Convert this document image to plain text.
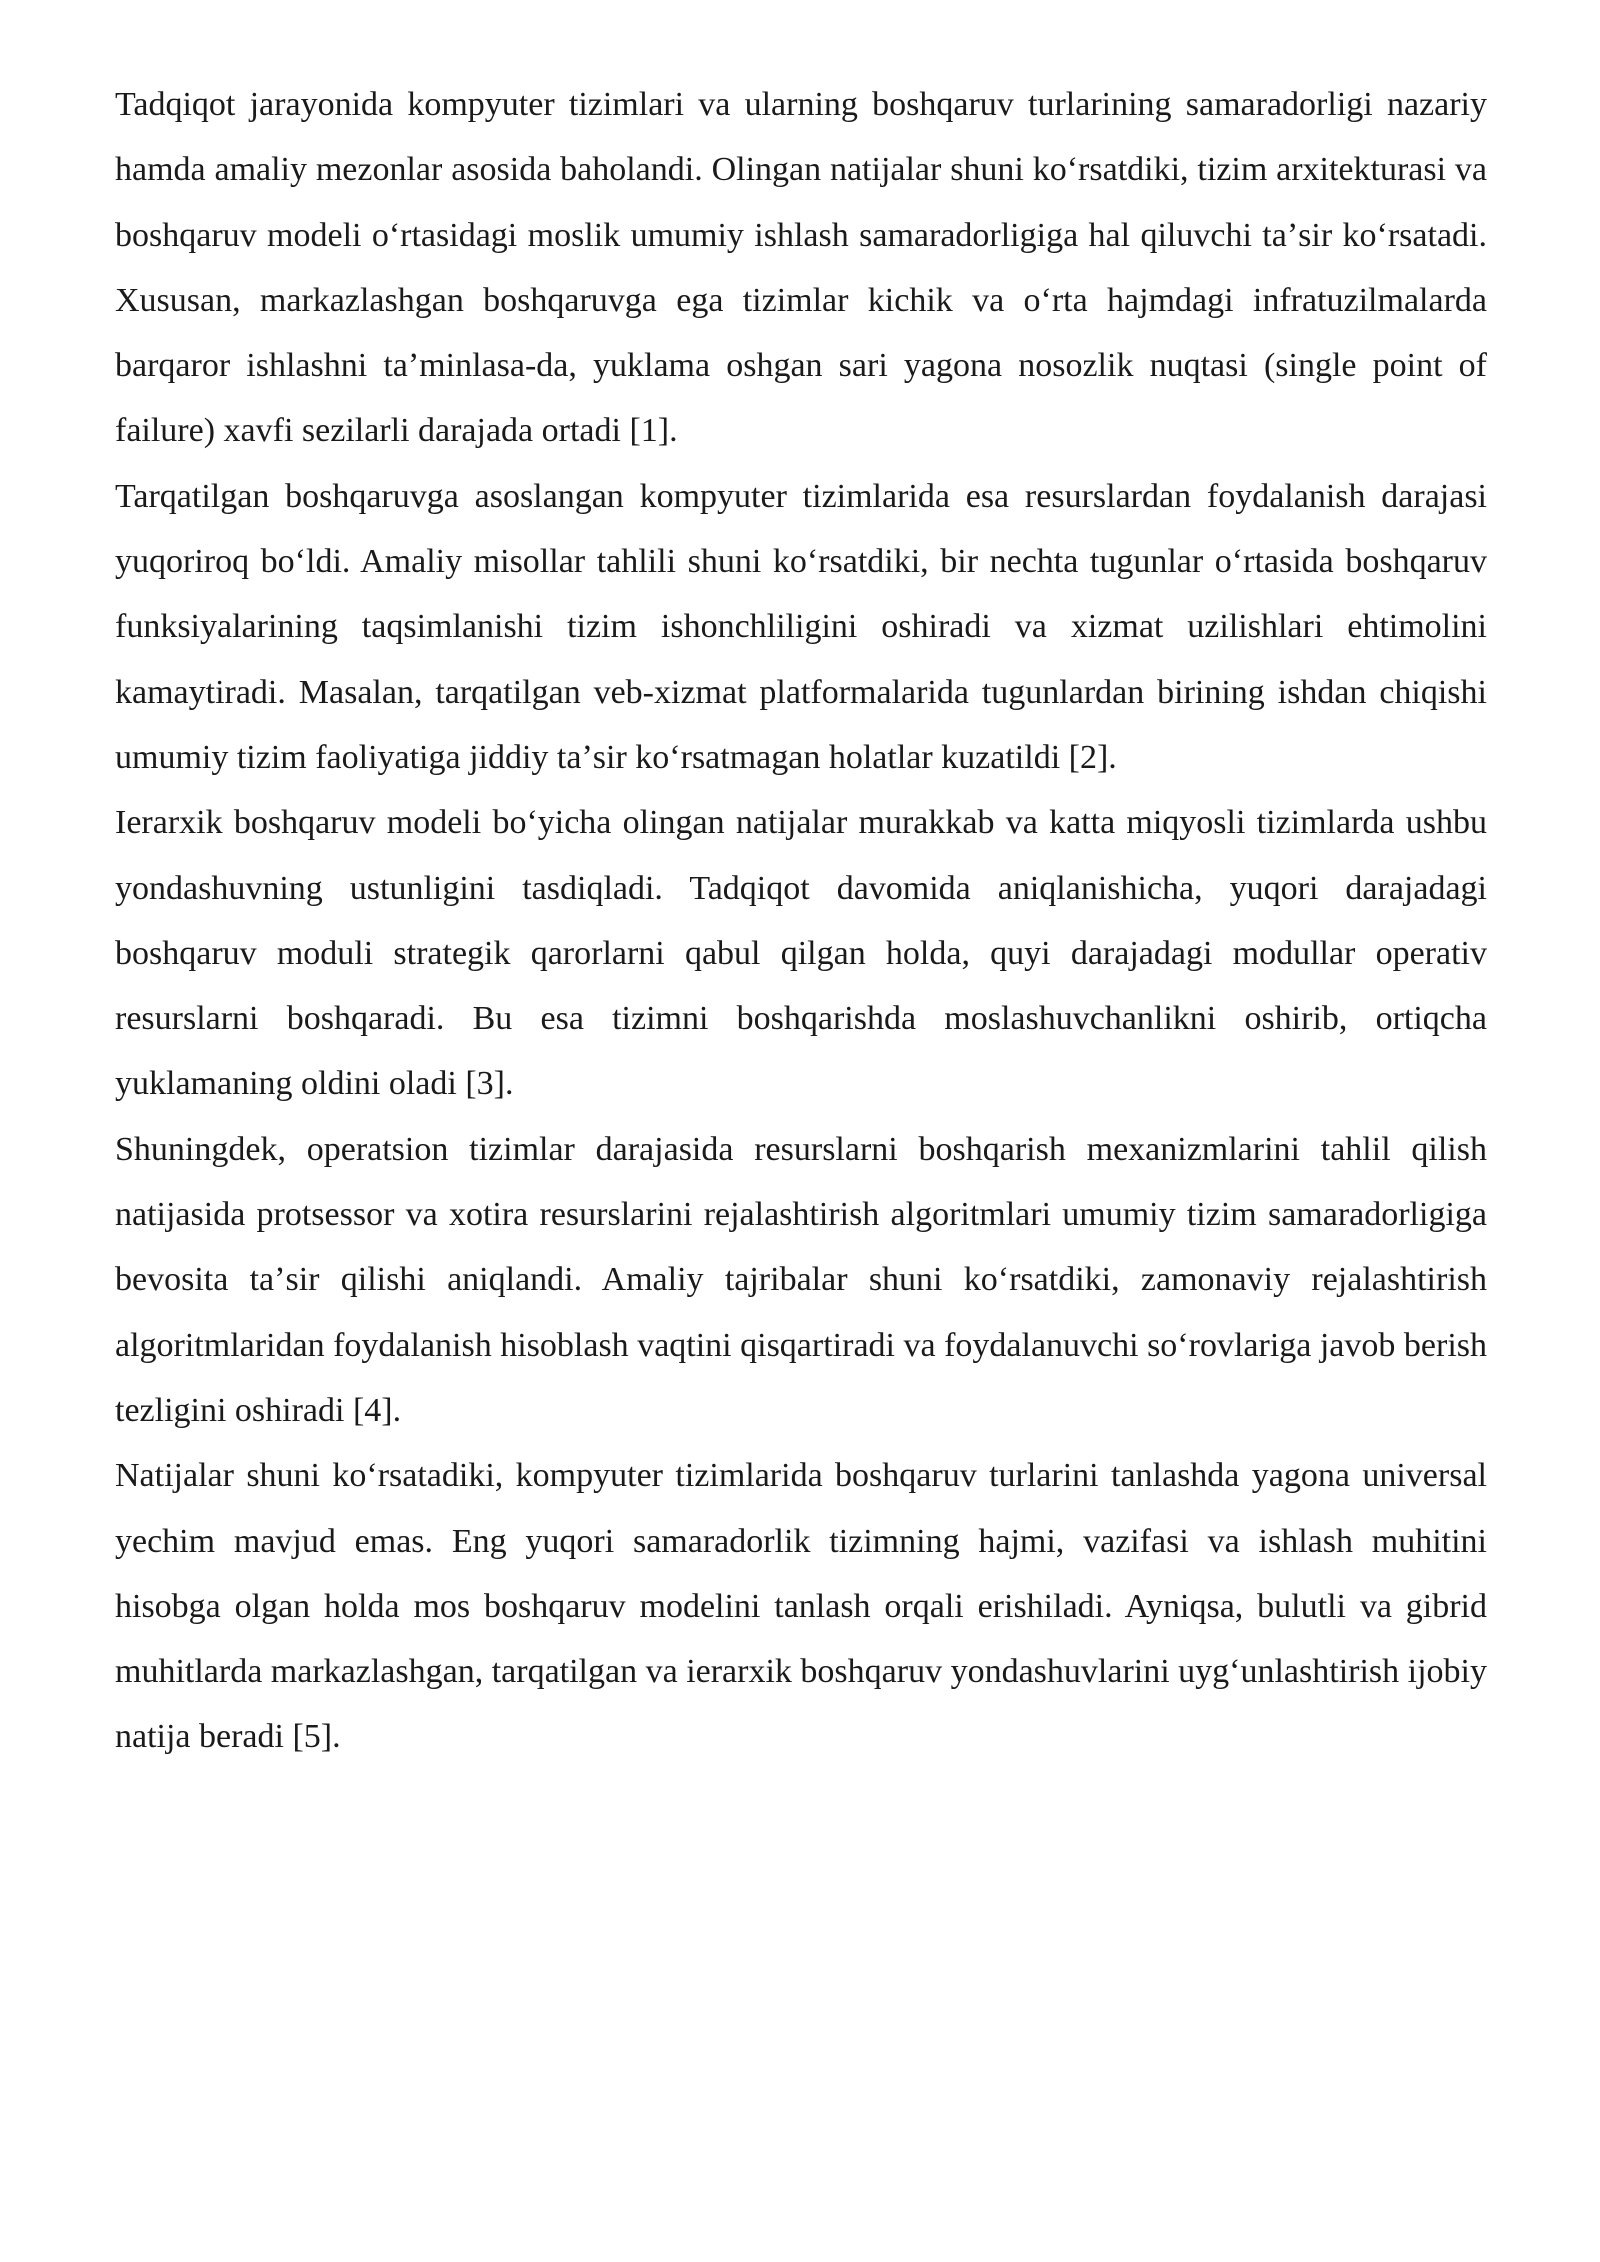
Tadqiqot jarayonida kompyuter tizimlari va ularning boshqaruv turlarining samaradorligi nazariy hamda amaliy mezonlar asosida baholandi. Olingan natijalar shuni koʻrsatdiki, tizim arxitekturasi va boshqaruv modeli oʻrtasidagi moslik umumiy ishlash samaradorligiga hal qiluvchi taʼsir koʻrsatadi. Xususan, markazlashgan boshqaruvga ega tizimlar kichik va oʻrta hajmdagi infratuzilmalarda barqaror ishlashni taʼminlasa-da, yuklama oshgan sari yagona nosozlik nuqtasi (single point of failure) xavfi sezilarli darajada ortadi [1].

Tarqatilgan boshqaruvga asoslangan kompyuter tizimlarida esa resurslardan foydalanish darajasi yuqoriroq boʻldi. Amaliy misollar tahlili shuni koʻrsatdiki, bir nechta tugunlar oʻrtasida boshqaruv funksiyalarining taqsimlanishi tizim ishonchliligini oshiradi va xizmat uzilishlari ehtimolini kamaytiradi. Masalan, tarqatilgan veb-xizmat platformalarida tugunlardan birining ishdan chiqishi umumiy tizim faoliyatiga jiddiy taʼsir koʻrsatmagan holatlar kuzatildi [2].

Ierarxik boshqaruv modeli boʻyicha olingan natijalar murakkab va katta miqyosli tizimlarda ushbu yondashuvning ustunligini tasdiqladi. Tadqiqot davomida aniqlanishicha, yuqori darajadagi boshqaruv moduli strategik qarorlarni qabul qilgan holda, quyi darajadagi modullar operativ resurslarni boshqaradi. Bu esa tizimni boshqarishda moslashuvchanlikni oshirib, ortiqcha yuklamaning oldini oladi [3].

Shuningdek, operatsion tizimlar darajasida resurslarni boshqarish mexanizmlarini tahlil qilish natijasida protsessor va xotira resurslarini rejalashtirish algoritmlari umumiy tizim samaradorligiga bevosita taʼsir qilishi aniqlandi. Amaliy tajribalar shuni koʻrsatdiki, zamonaviy rejalashtirish algoritmlaridan foydalanish hisoblash vaqtini qisqartiradi va foydalanuvchi soʻrovlariga javob berish tezligini oshiradi [4].

Natijalar shuni koʻrsatadiki, kompyuter tizimlarida boshqaruv turlarini tanlashda yagona universal yechim mavjud emas. Eng yuqori samaradorlik tizimning hajmi, vazifasi va ishlash muhitini hisobga olgan holda mos boshqaruv modelini tanlash orqali erishiladi. Ayniqsa, bulutli va gibrid muhitlarda markazlashgan, tarqatilgan va ierarxik boshqaruv yondashuvlarini uygʻunlashtirish ijobiy natija beradi [5].
